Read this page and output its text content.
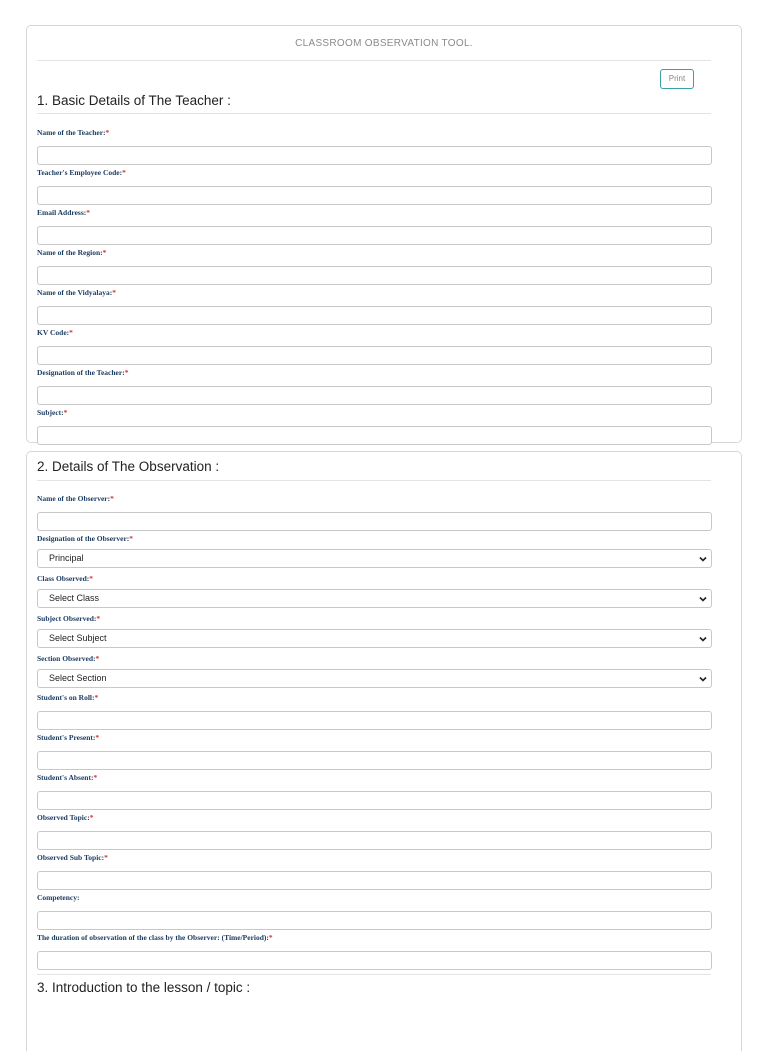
CLASSROOM OBSERVATION TOOL.
Print
1. Basic Details of The Teacher :
Name of the Teacher:*
Teacher's Employee Code:*
Email Address:*
Name of the Region:*
Name of the Vidyalaya:*
KV Code:*
Designation of the Teacher:*
Subject:*
2. Details of The Observation :
Name of the Observer:*
Designation of the Observer:*
Principal
Class Observed:*
Select Class
Subject Observed:*
Select Subject
Section Observed:*
Select Section
Student's on Roll:*
Student's Present:*
Student's Absent:*
Observed Topic:*
Observed Sub Topic:*
Competency:
The duration of observation of the class by the Observer: (Time/Period):*
3. Introduction to the lesson / topic :
